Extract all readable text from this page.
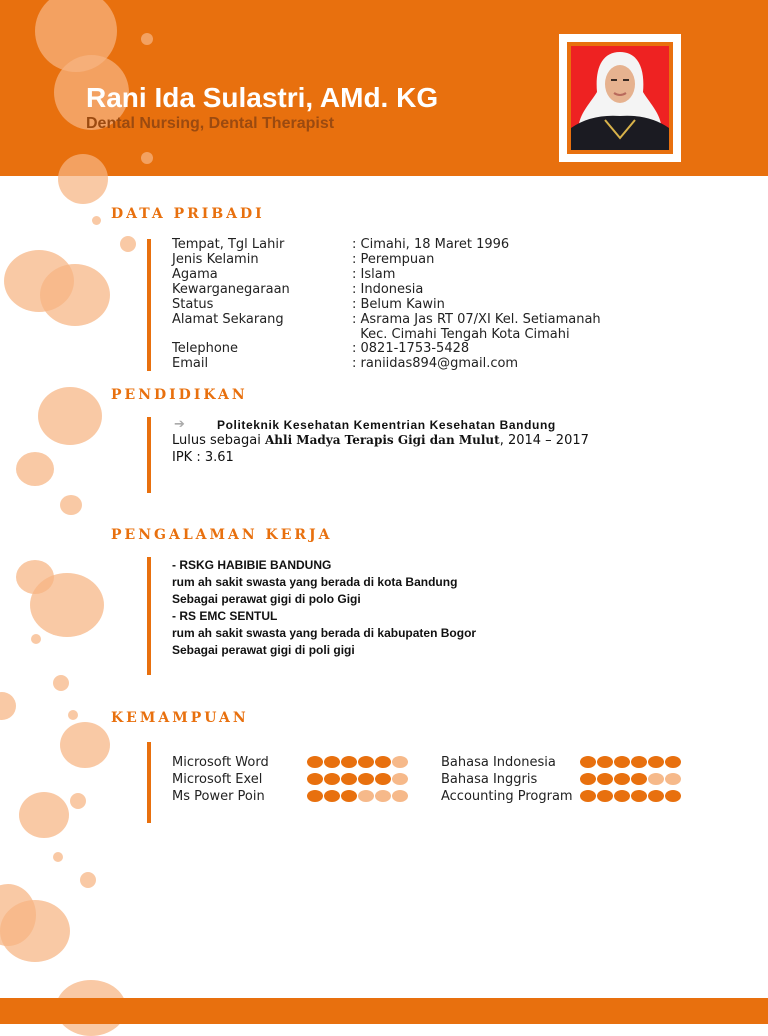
Rani Ida Sulastri, AMd. KG

Dental Nursing, Dental Therapist

DATA PRIBADI
Tempat, Tgl Lahir	: Cimahi, 18 Maret 1996
Jenis Kelamin	: Perempuan
Agama	: Islam
Kewarganegaraan	: Indonesia
Status	: Belum Kawin
Alamat Sekarang	: Asrama Jas RT 07/XI Kel. Setiamanah
Kec. Cimahi Tengah Kota Cimahi
Telephone	: 0821-1753-5428
Email	: raniidas894@gmail.com
PENDIDIKAN
➔	Politeknik Kesehatan Kementrian Kesehatan Bandung
Lulus sebagai Ahli Madya Terapis Gigi dan Mulut, 2014 – 2017
IPK : 3.61
PENGALAMAN KERJA
- RSKG HABIBIE BANDUNG
rum ah sakit swasta yang berada di kota Bandung
Sebagai perawat gigi di polo Gigi
- RS EMC SENTUL
rum ah sakit swasta yang berada di kabupaten Bogor
Sebagai perawat gigi di poli gigi
KEMAMPUAN
Microsoft Word
Microsoft Exel
Ms Power Poin
Bahasa Indonesia
Bahasa Inggris
Accounting Program
